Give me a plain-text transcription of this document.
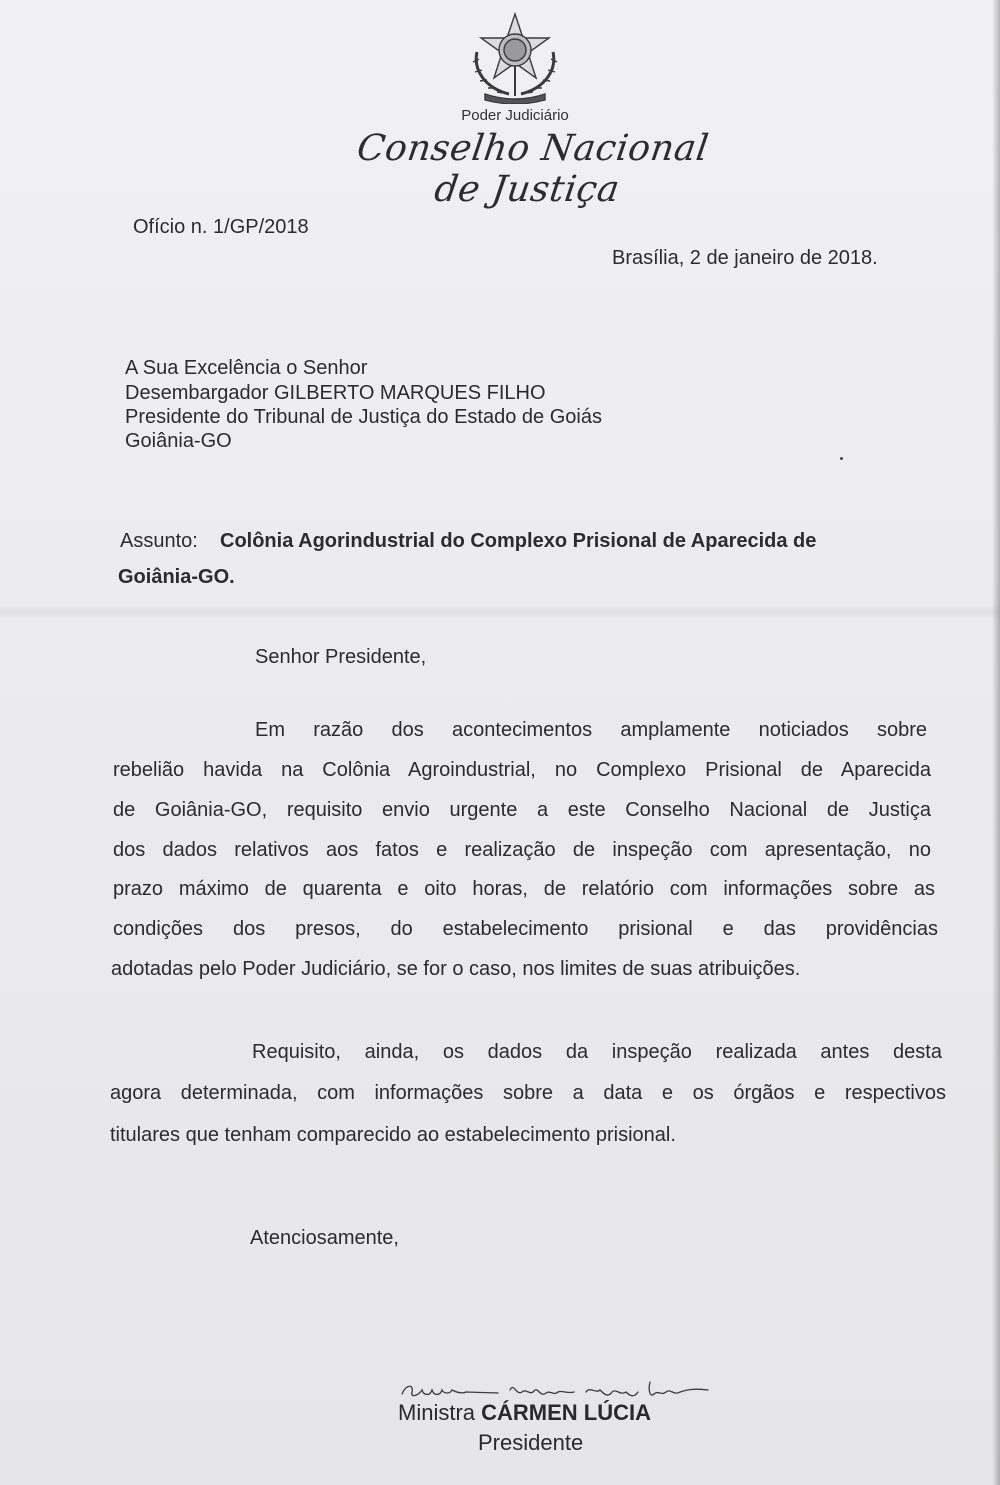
Poder Judiciário
Conselho Nacional de Justiça
Ofício n. 1/GP/2018
Brasília, 2 de janeiro de 2018.
A Sua Excelência o Senhor
Desembargador GILBERTO MARQUES FILHO
Presidente do Tribunal de Justiça do Estado de Goiás
Goiânia-GO
Assunto: Colônia Agorindustrial do Complexo Prisional de Aparecida de
Goiânia-GO.
Senhor Presidente,
Em razão dos acontecimentos amplamente noticiados sobre
rebelião havida na Colônia Agroindustrial, no Complexo Prisional de Aparecida
de Goiânia-GO, requisito envio urgente a este Conselho Nacional de Justiça
dos dados relativos aos fatos e realização de inspeção com apresentação, no
prazo máximo de quarenta e oito horas, de relatório com informações sobre as
condições dos presos, do estabelecimento prisional e das providências
adotadas pelo Poder Judiciário, se for o caso, nos limites de suas atribuições.
Requisito, ainda, os dados da inspeção realizada antes desta
agora determinada, com informações sobre a data e os órgãos e respectivos
titulares que tenham comparecido ao estabelecimento prisional.
Atenciosamente,
Ministra CÁRMEN LÚCIA
Presidente
